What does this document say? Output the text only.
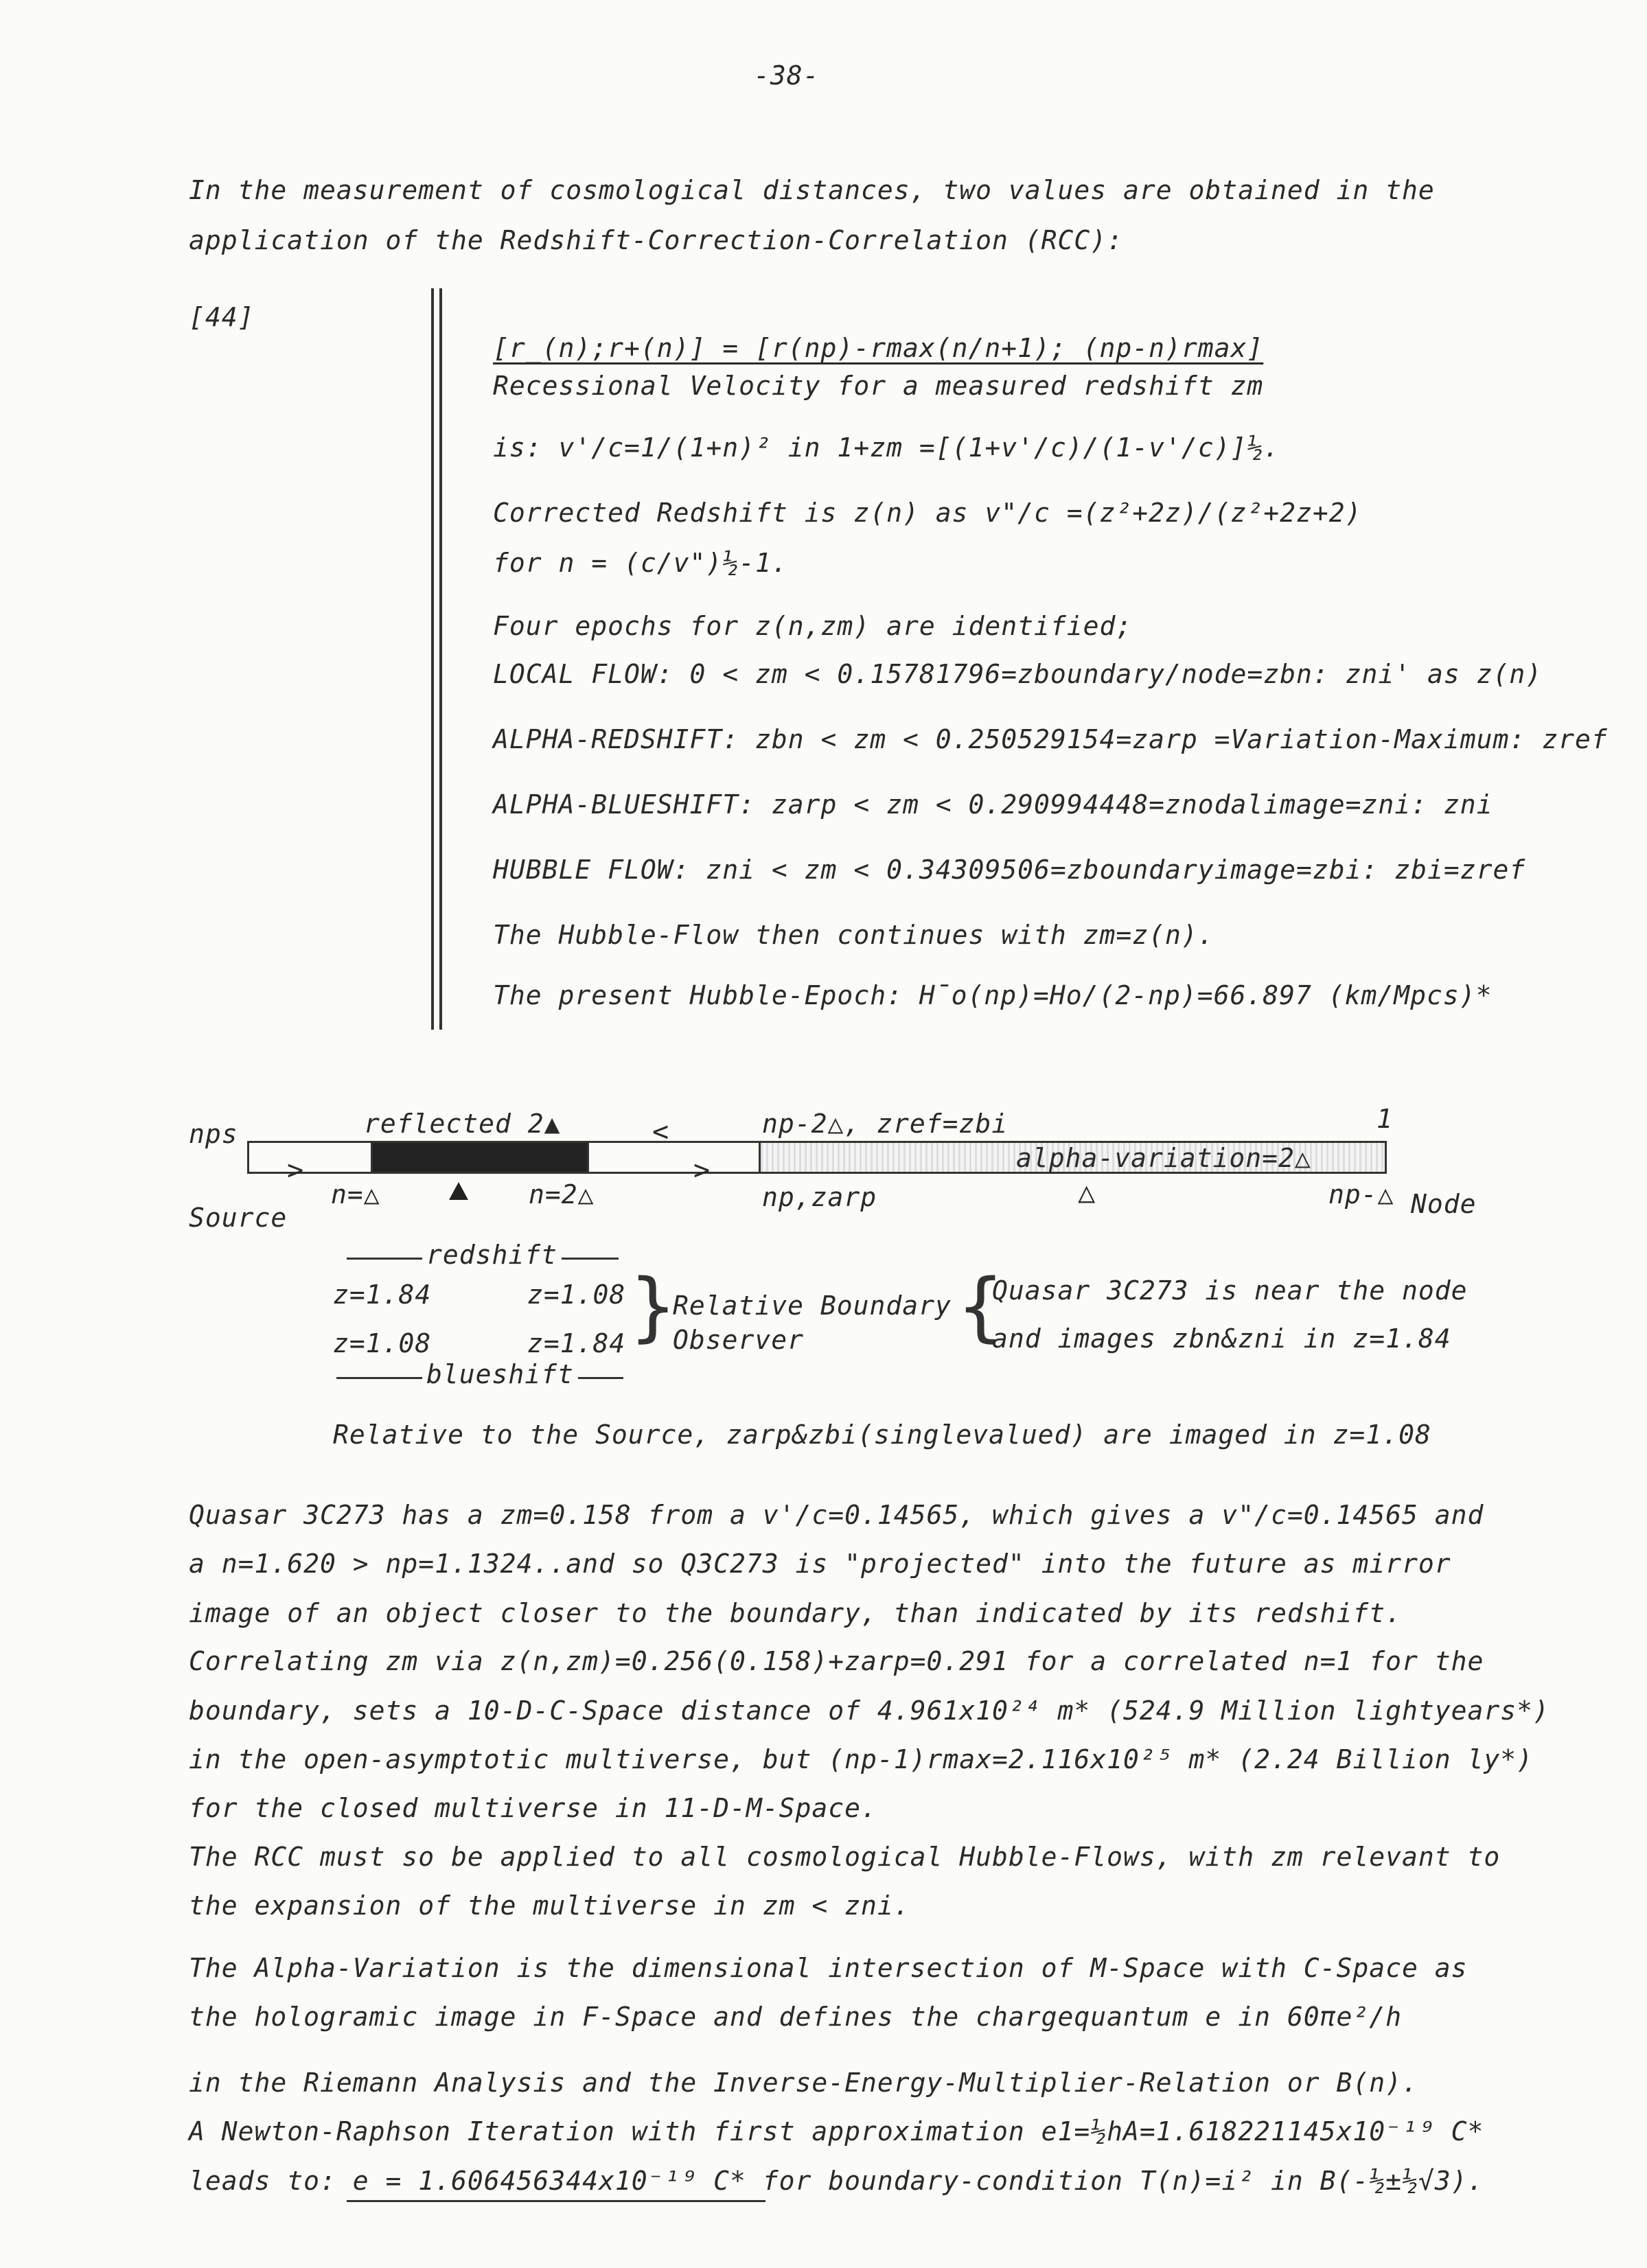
-38-
In the measurement of cosmological distances, two values are obtained in the
application of the Redshift-Correction-Correlation (RCC):
[44]
[r_(n);r+(n)] = [r(np)-rmax(n/n+1); (np-n)rmax]
Recessional Velocity for a measured redshift zm
is: v'/c=1/(1+n)² in 1+zm =[(1+v'/c)/(1-v'/c)]½.
Corrected Redshift is z(n) as v"/c =(z²+2z)/(z²+2z+2)
for n = (c/v")½-1.
Four epochs for z(n,zm) are identified;
LOCAL FLOW: 0 < zm < 0.15781796=zboundary/node=zbn: zni' as z(n)
ALPHA-REDSHIFT: zbn < zm < 0.250529154=zarp =Variation-Maximum: zref
ALPHA-BLUESHIFT: zarp < zm < 0.290994448=znodalimage=zni: zni
HUBBLE FLOW: zni < zm < 0.34309506=zboundaryimage=zbi: zbi=zref
The Hubble-Flow then continues with zm=z(n).
The present Hubble-Epoch: H̄o(np)=Ho/(2-np)=66.897 (km/Mpcs)*
nps	reflected 2▲	np-2△, zref=zbi	1
alpha-variation=2△
<
>	>
Source
n=△	n=2△	np,zarp	△	np-△ Node
redshift
z=1.84	z=1.08
z=1.08	z=1.84
blueshift
}
Relative Boundary
Observer {
Quasar 3C273 is near the node
and images zbn&zni in z=1.84
Relative to the Source, zarp&zbi(singlevalued) are imaged in z=1.08
Quasar 3C273 has a zm=0.158 from a v'/c=0.14565, which gives a v"/c=0.14565 and
a n=1.620 > np=1.1324..and so Q3C273 is "projected" into the future as mirror
image of an object closer to the boundary, than indicated by its redshift.
Correlating zm via z(n,zm)=0.256(0.158)+zarp=0.291 for a correlated n=1 for the
boundary, sets a 10-D-C-Space distance of 4.961x10²⁴ m* (524.9 Million lightyears*)
in the open-asymptotic multiverse, but (np-1)rmax=2.116x10²⁵ m* (2.24 Billion ly*)
for the closed multiverse in 11-D-M-Space.
The RCC must so be applied to all cosmological Hubble-Flows, with zm relevant to
the expansion of the multiverse in zm < zni.
The Alpha-Variation is the dimensional intersection of M-Space with C-Space as
the hologramic image in F-Space and defines the chargequantum e in 60πe²/h
in the Riemann Analysis and the Inverse-Energy-Multiplier-Relation or B(n).
A Newton-Raphson Iteration with first approximation e1=½hA=1.618221145x10⁻¹⁹ C*
leads to: e = 1.606456344x10⁻¹⁹ C* for boundary-condition T(n)=i² in B(-½±½√3).
